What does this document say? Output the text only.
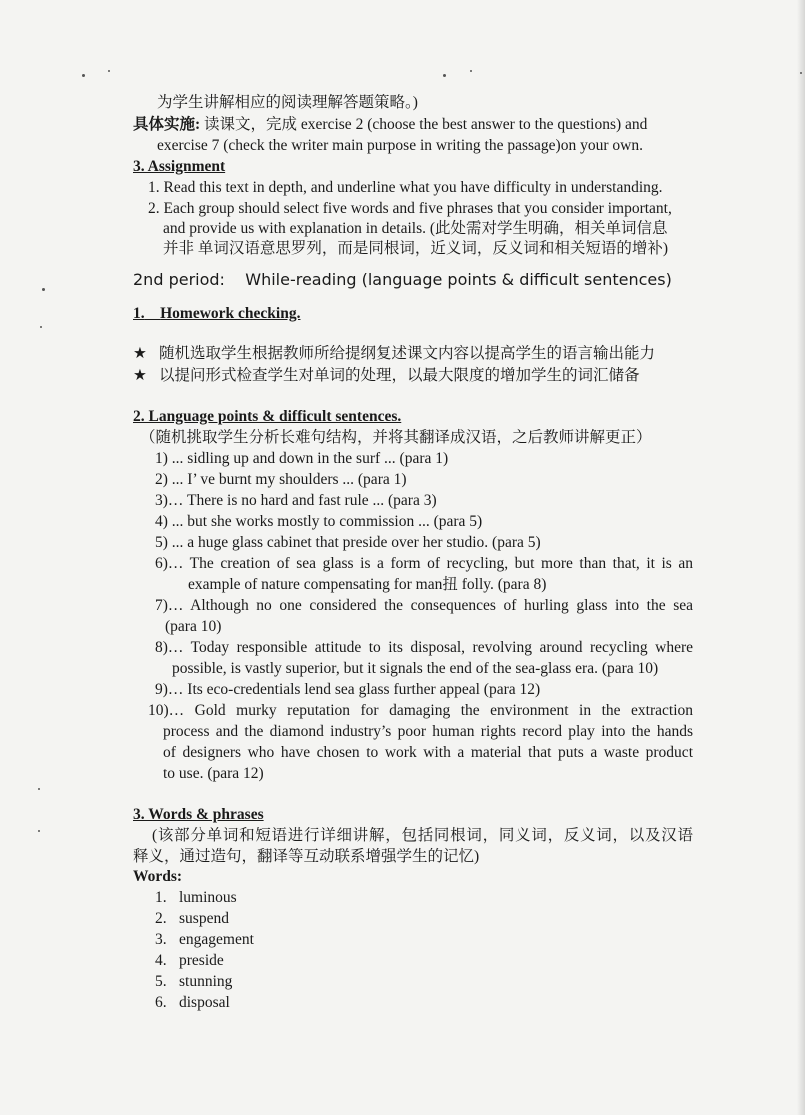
为学生讲解相应的阅读理解答题策略。)
具体实施: 读课文，完成 exercise 2 (choose the best answer to the questions) and
exercise 7 (check the writer main purpose in writing the passage)on your own.
3. Assignment
1. Read this text in depth, and underline what you have difficulty in understanding.
2. Each group should select five words and five phrases that you consider important,
and provide us with explanation in details. (此处需对学生明确，相关单词信息
并非 单词汉语意思罗列，而是同根词，近义词，反义词和相关短语的增补)
2nd period: While-reading (language points & difficult sentences)
1. Homework checking.
★ 随机选取学生根据教师所给提纲复述课文内容以提高学生的语言输出能力
★ 以提问形式检查学生对单词的处理，以最大限度的增加学生的词汇储备
2. Language points & difficult sentences.
（随机挑取学生分析长难句结构，并将其翻译成汉语，之后教师讲解更正）
1) ... sidling up and down in the surf ... (para 1)
2) ... I’ ve burnt my shoulders ... (para 1)
3)… There is no hard and fast rule ... (para 3)
4) ... but she works mostly to commission ... (para 5)
5) ... a huge glass cabinet that preside over her studio. (para 5)
6)… The creation of sea glass is a form of recycling, but more than that, it is an
example of nature compensating for man扭 folly. (para 8)
7)… Although no one considered the consequences of hurling glass into the sea
(para 10)
8)… Today responsible attitude to its disposal, revolving around recycling where
possible, is vastly superior, but it signals the end of the sea-glass era. (para 10)
9)… Its eco-credentials lend sea glass further appeal (para 12)
10)… Gold murky reputation for damaging the environment in the extraction
process and the diamond industry’s poor human rights record play into the hands
of designers who have chosen to work with a material that puts a waste product
to use. (para 12)
3. Words & phrases
(该部分单词和短语进行详细讲解，包括同根词，同义词，反义词，以及汉语
释义，通过造句，翻译等互动联系增强学生的记忆)
Words:
1. luminous
2. suspend
3. engagement
4. preside
5. stunning
6. disposal
